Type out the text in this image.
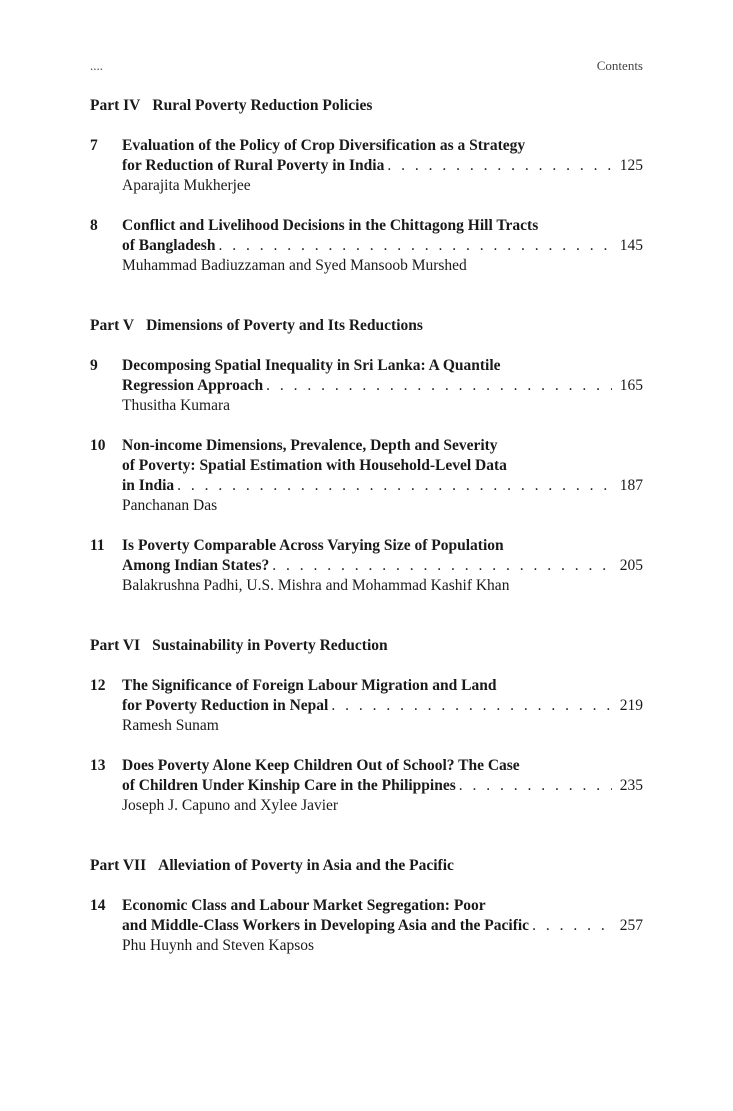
....	Contents
Part IV Rural Poverty Reduction Policies
7 Evaluation of the Policy of Crop Diversification as a Strategy
for Reduction of Rural Poverty in India . . .	125
Aparajita Mukherjee
8 Conflict and Livelihood Decisions in the Chittagong Hill Tracts
of Bangladesh . . .	145
Muhammad Badiuzzaman and Syed Mansoob Murshed
Part V Dimensions of Poverty and Its Reductions
9 Decomposing Spatial Inequality in Sri Lanka: A Quantile
Regression Approach . . .	165
Thusitha Kumara
10 Non-income Dimensions, Prevalence, Depth and Severity
of Poverty: Spatial Estimation with Household-Level Data
in India . . .	187
Panchanan Das
11 Is Poverty Comparable Across Varying Size of Population
Among Indian States? . . .	205
Balakrushna Padhi, U.S. Mishra and Mohammad Kashif Khan
Part VI Sustainability in Poverty Reduction
12 The Significance of Foreign Labour Migration and Land
for Poverty Reduction in Nepal . . .	219
Ramesh Sunam
13 Does Poverty Alone Keep Children Out of School? The Case
of Children Under Kinship Care in the Philippines . . .	235
Joseph J. Capuno and Xylee Javier
Part VII Alleviation of Poverty in Asia and the Pacific
14 Economic Class and Labour Market Segregation: Poor
and Middle-Class Workers in Developing Asia and the Pacific . . .	257
Phu Huynh and Steven Kapsos
